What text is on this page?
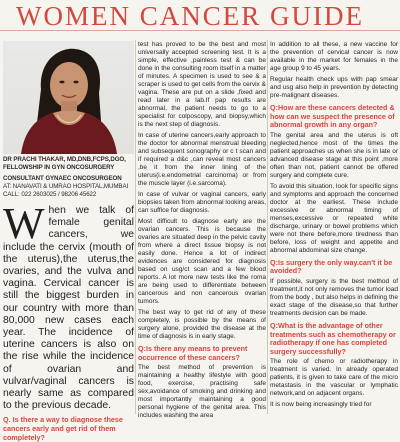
WOMEN CANCER GUIDE
DR PRACHI THAKAR, MD,DNB,FCPS,DGO, FELLOWSHIP IN GYN ONCOSURGERY
CONSULTANT GYNAEC ONCOSURGEON
AT: NANAVATI & UMRAO HOSPITAL,MUMBAI
CALL: 022 2603025 / 98206 45622
W hen we talk of female genital cancers, we include the cervix (mouth of the uterus),the uterus,the ovaries, and the vulva and vagina. Cervical cancer is still the biggest burden in our country with more than 80,000 new cases each year. The incidence of uterine cancers is also on the rise while the incidence of ovarian and vulvar/vaginal cancers is nearly same as compared to the previous decade.
Q. Is there a way to diagnose these cancers early and get rid of them completely?

test has proved to be the best and most universally accepted screening test. It is a simple, effective ,painless test & can be done in the consulting room itself in a matter of minutes. A specimen is used to see & a scraper is used to get cells from the cervix & vagina. These are put on a slide ,fixed and read later in a lab.If pap results are abnormal, the patient needs to go to a specialist for colposcopy, and biopsy,which is the next step of diagnosis.

In case of uterine cancers,early approach to the doctor for abnormal menstrual bleeding and subsequent sonography or c t scan and if required a d&c ,can reveal most cancers ,be it from the inner lining of the uterus(i.e.endometrial carcinoma) or from the muscle layer (i.e.sarcoma).

In case of vulvar or vaginal cancers, early biopsies taken from abnormal looking areas, can suffice for diagnosis.

Most difficult to diagnose early are the ovarian cancers. This is because the ovaries are situated deep in the pelvic cavity from where a direct tissue biopsy is not easily done. Hence a lot of indirect evidences are considered for diagnosis based on usg/ct scan and a few blood reports. A lot more new tests like the roma are being used to differentiate between cancerous and non cancerous ovarian tumors.

The best way to get rid of any of these completely, is possible by the means of surgery alone, provided the disease at the time of diagnosis is in early stage.

Q:Is there any means to prevent occurrence of these cancers?

The best method of prevention is maintaining a healthy lifestyle with good food, exercise, practising safe sex,avoidance of smoking and drinking and most importantly maintaining a good personal hygiene of the genital area. This includes washing the area

In addition to all these, a new vaccine for the prevention of cervical cancer is now available in the market for females in the age group 9 to 45 years.

Regular health check ups with pap smear and usg also help in prevention by detecting pre-malignant diseases.

Q:How are these cancers detected & how can we suspect the presence of abnormal growth in any organ?

The genital area and the uterus is oft neglected,hence most of the times the patient approaches us when she is in late or advanced disease stage at this point ,more often than not, patient cannot be offered surgery and complete cure.

To avoid this situation, look for specific signs and symptoms and approach the concerned doctor at the earliest. These include excessive or abnormal timing of menses,excessive or repeated white discharge, urinary or bowel problems which were not there before,more tiredness than before, loss of weight and appetite and abnormal abdominal size change.

Q:Is surgery the only way.can't it be avoided?

If possible, surgery is the best method of treatment,it not only removes the tumor load from the body , but also helps in defining the exact stage of the disease,so that further treatments decision can be made.

Q:What is the advantage of other treatments such as chemotherapy or radiotherapy if one has completed surgery successfully?

The role of chemo or radiotherapy in treatment is varied. In already operated patients, it is given to take care of the micro metastasis in the vascular or lymphatic network,and on adjacent organs.

It is now being increasingly tried for
